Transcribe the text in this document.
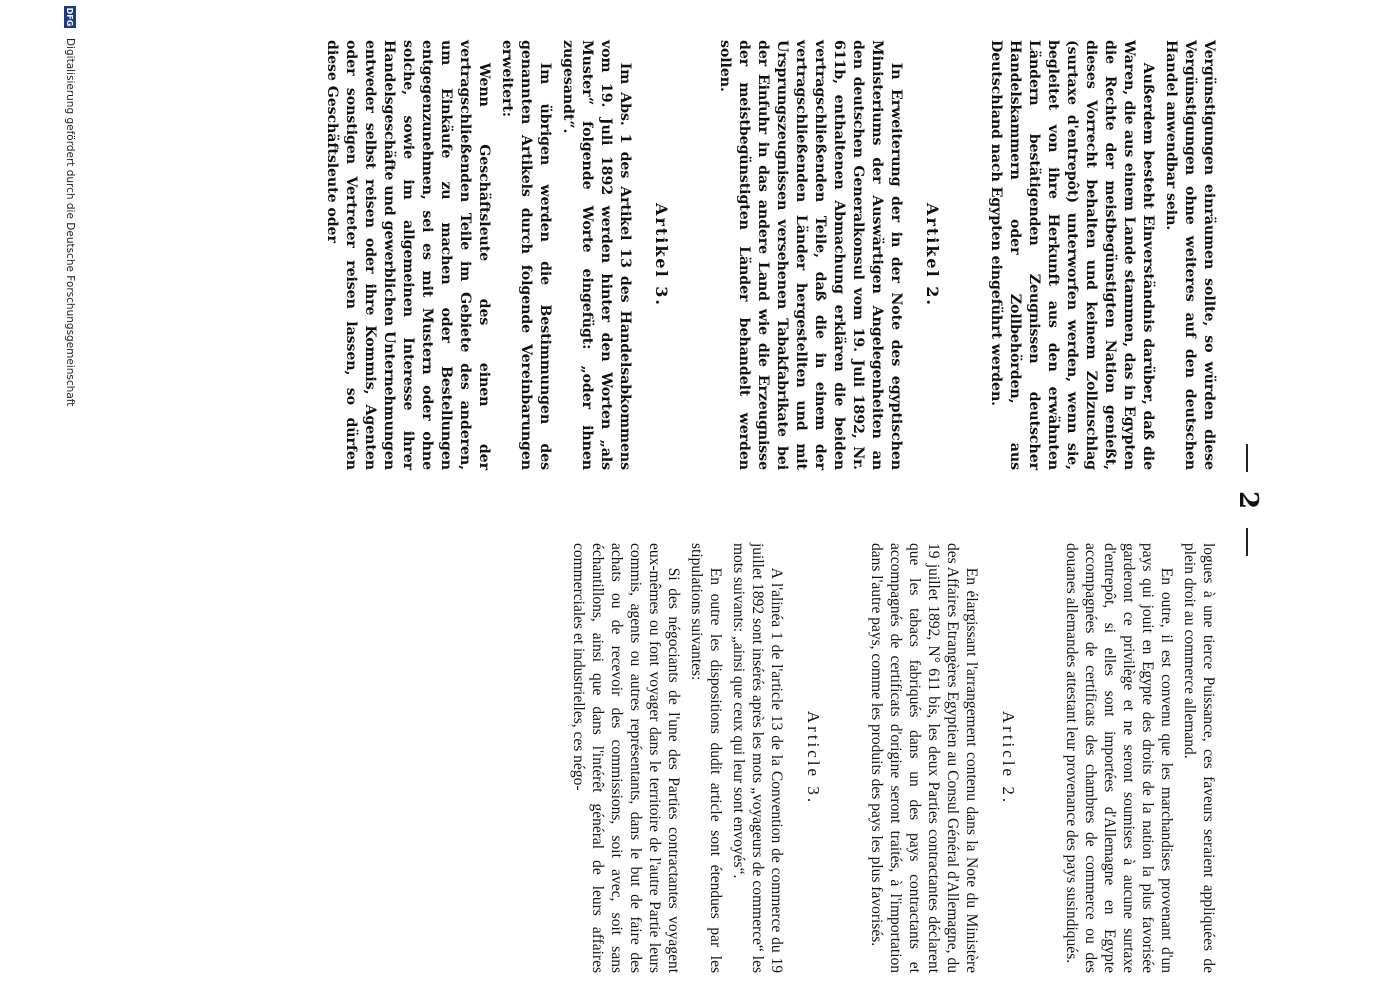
2

logues à une tierce Puissance, ces faveurs seraient appliquées de plein droit au commerce allemand.

En outre, il est convenu que les marchandises provenant d'un pays qui jouit en Egypte des droits de la nation la plus favorisée garderont ce privilège et ne seront soumises à aucune surtaxe d'entrepôt, si elles sont importées d'Allemagne en Egypte accompagnées de certificats des chambres de commerce ou des douanes allemandes attestant leur provenance des pays susindiqués.

Article 2.

En élargissant l'arrangement contenu dans la Note du Ministère des Affaires Etrangères Egyptien au Consul Général d'Allemagne, du 19 juillet 1892, N° 611 bis, les deux Parties contractantes déclarent que les tabacs fabriqués dans un des pays contractants et accompagnés de certificats d'origine seront traités, à l'importation dans l'autre pays, comme les produits des pays les plus favorisés.

Article 3.

A l'alinéa 1 de l'article 13 de la Convention de commerce du 19 juillet 1892 sont insérés après les mots „voyageurs de commerce“ les mots suivants: „ainsi que ceux qui leur sont envoyés“.

En outre les dispositions dudit article sont étendues par les stipulations suivantes:

Si des négociants de l'une des Parties contractantes voyagent eux-mêmes ou font voyager dans le territoire de l'autre Partie leurs commis, agents ou autres représentants, dans le but de faire des achats ou de recevoir des commissions, soit avec, soit sans échantillons, ainsi que dans l'intérêt général de leurs affaires commerciales et industrielles, ces négo-

Vergünstigungen einräumen sollte, so würden diese Vergünstigungen ohne weiteres auf den deutschen Handel anwendbar sein.

Außerdem besteht Einverständnis darüber, daß die Waren, die aus einem Lande stammen, das in Egypten die Rechte der meistbegünstigten Nation genießt, dieses Vorrecht behalten und keinem Zollzuschlag (surtaxe d'entrepôt) unterworfen werden, wenn sie, begleitet von ihre Herkunft aus den erwähnten Ländern bestätigenden Zeugnissen deutscher Handelskammern oder Zollbehörden, aus Deutschland nach Egypten eingeführt werden.

Artikel 2.

In Erweiterung der in der Note des egyptischen Ministeriums der Auswärtigen Angelegenheiten an den deutschen Generalkonsul vom 19. Juli 1892, Nr. 611b, enthaltenen Abmachung erklären die beiden vertragschließenden Teile, daß die in einem der vertragschließenden Länder hergestellten und mit Ursprungszeugnissen versehenen Tabakfabrikate bei der Einfuhr in das andere Land wie die Erzeugnisse der meistbegünstigten Länder behandelt werden sollen.

Artikel 3.

Im Abs. 1 des Artikel 13 des Handelsabkommens vom 19. Juli 1892 werden hinter den Worten „als Muster“ folgende Worte eingefügt: „oder ihnen zugesandt“.

Im übrigen werden die Bestimmungen des genannten Artikels durch folgende Vereinbarungen erweitert:

Wenn Geschäftsleute des einen der vertragschließenden Teile im Gebiete des anderen, um Einkäufe zu machen oder Bestellungen entgegenzunehmen, sei es mit Mustern oder ohne solche, sowie im allgemeinen Interesse ihrer Handelsgeschäfte und gewerblichen Unternehmungen entweder selbst reisen oder ihre Kommis, Agenten oder sonstigen Vertreter reisen lassen, so dürfen diese Geschäftsleute oder

DFG
Digitalisierung gefördert durch die Deutsche Forschungsgemeinschaft
